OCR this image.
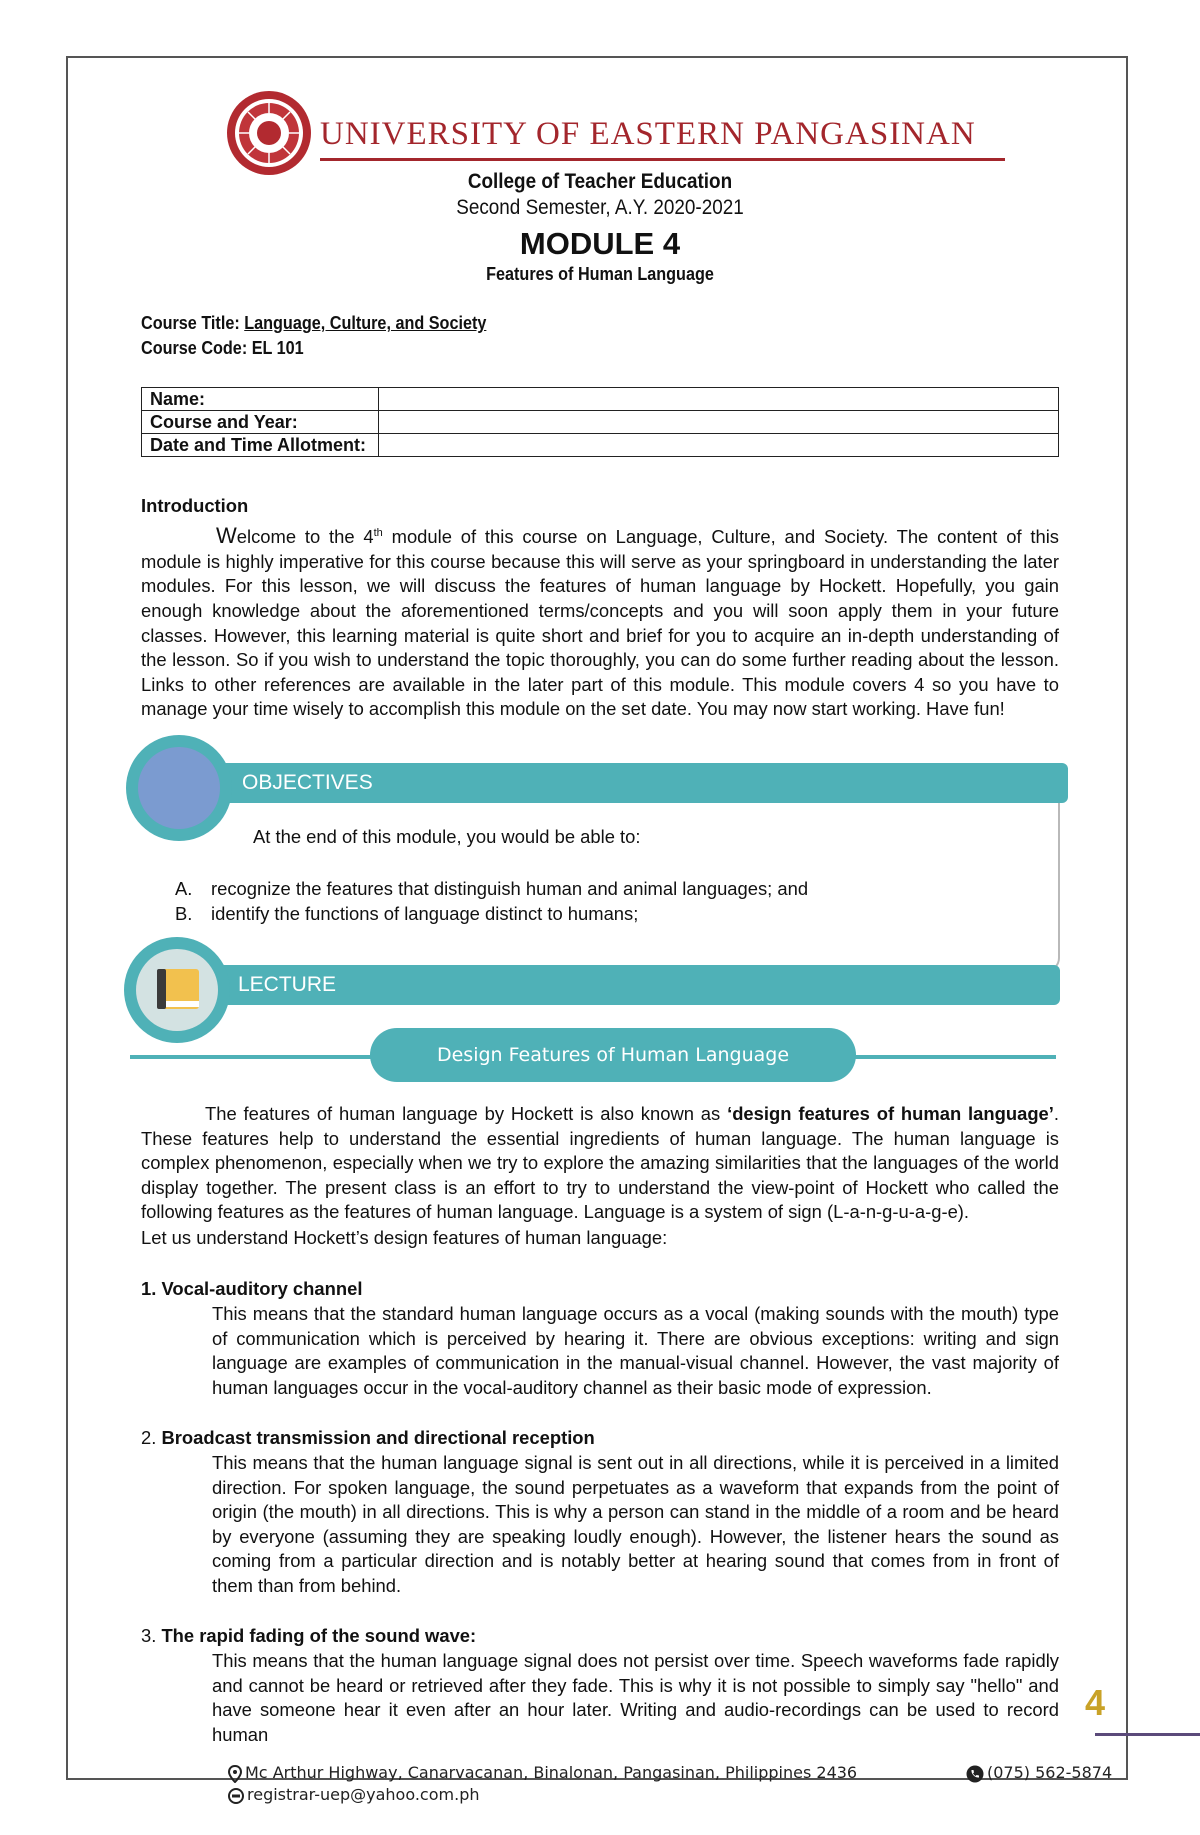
UNIVERSITY OF EASTERN PANGASINAN
College of Teacher Education
Second Semester, A.Y. 2020-2021
MODULE 4
Features of Human Language
Course Title: Language, Culture, and Society
Course Code: EL 101
Name:	
Course and Year:	
Date and Time Allotment:	
Introduction
Welcome to the 4th module of this course on Language, Culture, and Society. The content of this module is highly imperative for this course because this will serve as your springboard in understanding the later modules. For this lesson, we will discuss the features of human language by Hockett. Hopefully, you gain enough knowledge about the aforementioned terms/concepts and you will soon apply them in your future classes. However, this learning material is quite short and brief for you to acquire an in-depth understanding of the lesson. So if you wish to understand the topic thoroughly, you can do some further reading about the lesson. Links to other references are available in the later part of this module. This module covers 4 so you have to manage your time wisely to accomplish this module on the set date. You may now start working. Have fun!
OBJECTIVES
At the end of this module, you would be able to:
A. recognize the features that distinguish human and animal languages; and
B. identify the functions of language distinct to humans;
LECTURE
Design Features of Human Language
The features of human language by Hockett is also known as ‘design features of human language’. These features help to understand the essential ingredients of human language. The human language is complex phenomenon, especially when we try to explore the amazing similarities that the languages of the world display together. The present class is an effort to try to understand the view-point of Hockett who called the following features as the features of human language. Language is a system of sign (L-a-n-g-u-a-g-e).
Let us understand Hockett’s design features of human language:
1. Vocal-auditory channel
This means that the standard human language occurs as a vocal (making sounds with the mouth) type of communication which is perceived by hearing it. There are obvious exceptions: writing and sign language are examples of communication in the manual-visual channel. However, the vast majority of human languages occur in the vocal-auditory channel as their basic mode of expression.
2. Broadcast transmission and directional reception
This means that the human language signal is sent out in all directions, while it is perceived in a limited direction. For spoken language, the sound perpetuates as a waveform that expands from the point of origin (the mouth) in all directions. This is why a person can stand in the middle of a room and be heard by everyone (assuming they are speaking loudly enough). However, the listener hears the sound as coming from a particular direction and is notably better at hearing sound that comes from in front of them than from behind.
3. The rapid fading of the sound wave:
This means that the human language signal does not persist over time. Speech waveforms fade rapidly and cannot be heard or retrieved after they fade. This is why it is not possible to simply say "hello" and have someone hear it even after an hour later. Writing and audio-recordings can be used to record human
4
Mc Arthur Highway, Canarvacanan, Binalonan, Pangasinan, Philippines 2436	(075) 562-5874
registrar-uep@yahoo.com.ph
